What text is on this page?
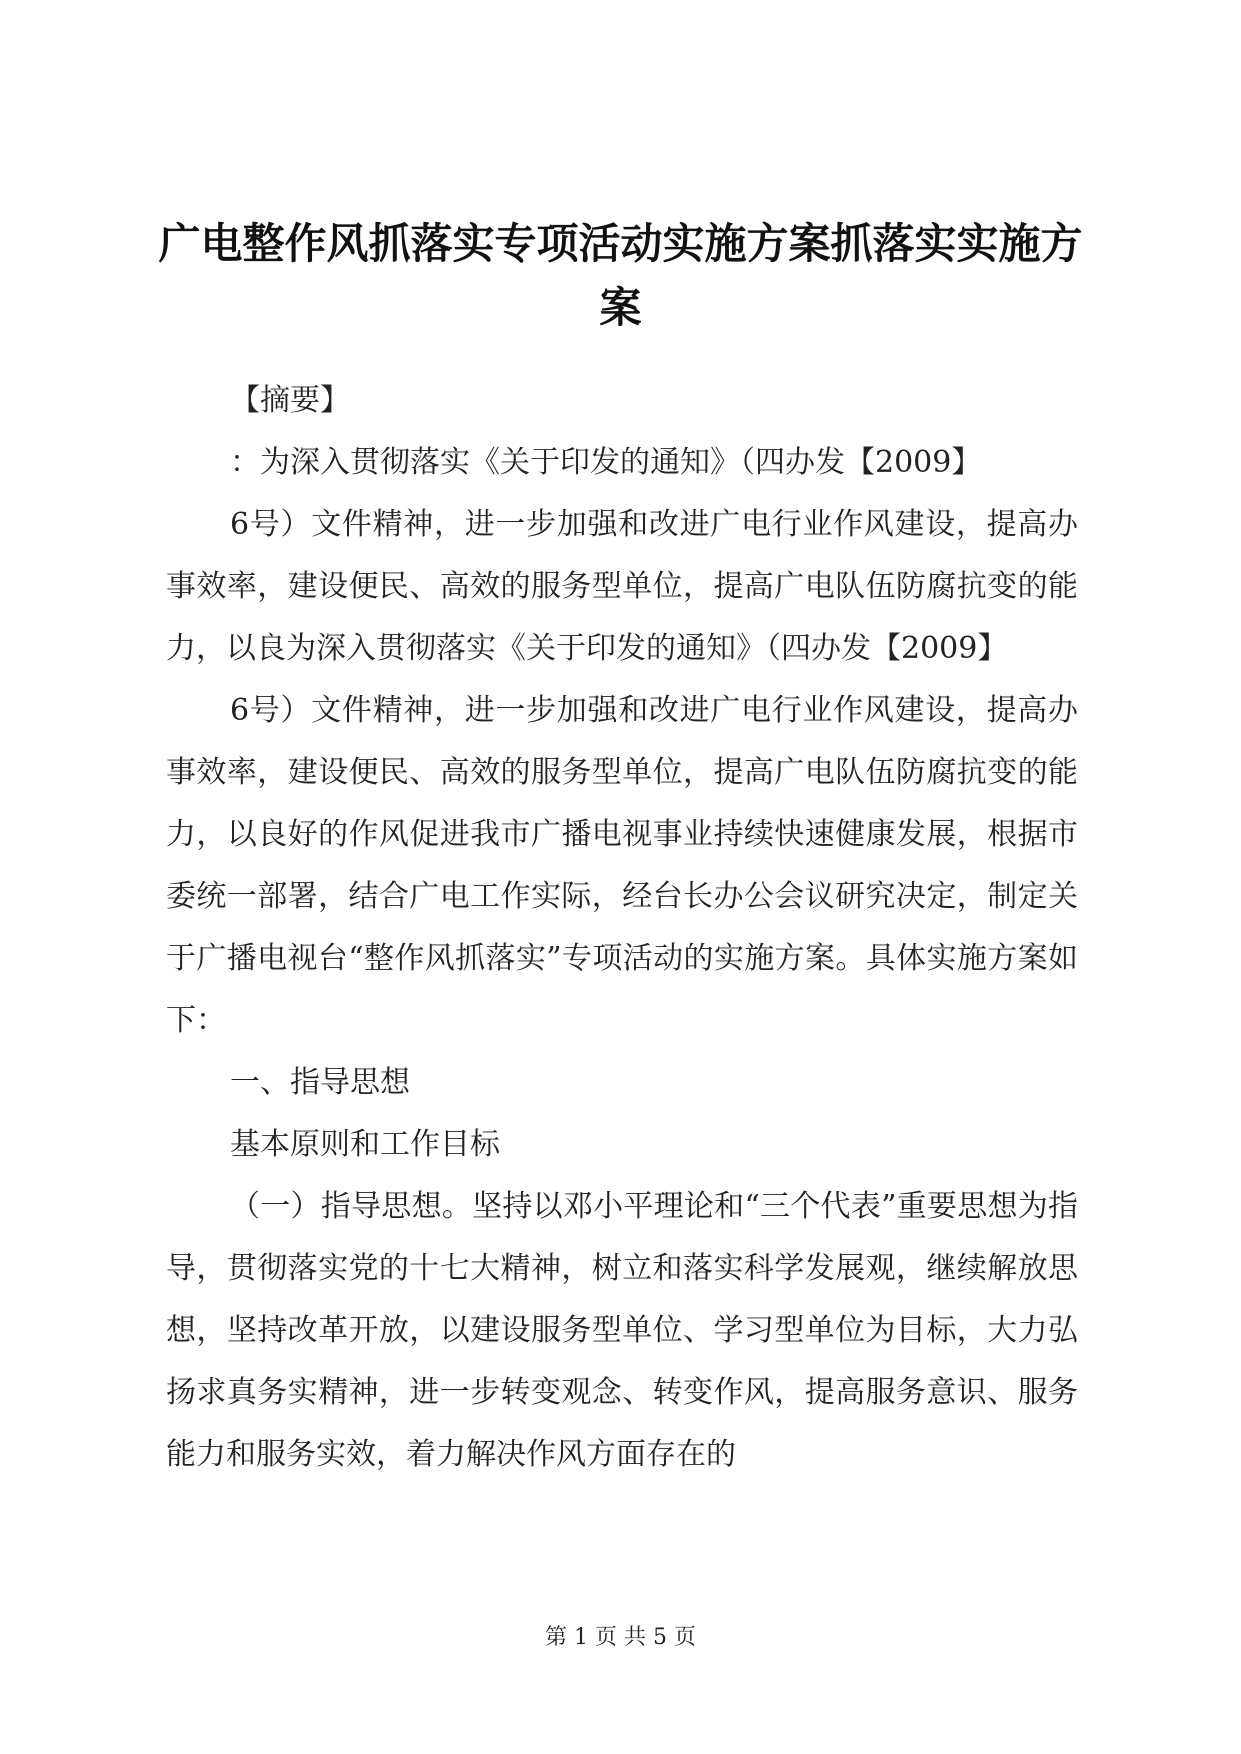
广电整作风抓落实专项活动实施方案抓落实实施方案

【摘要】

：为深入贯彻落实《关于印发的通知》（四办发【2009】

6号）文件精神，进一步加强和改进广电行业作风建设，提高办事效率，建设便民、高效的服务型单位，提高广电队伍防腐抗变的能力，以良为深入贯彻落实《关于印发的通知》（四办发【2009】

6号）文件精神，进一步加强和改进广电行业作风建设，提高办事效率，建设便民、高效的服务型单位，提高广电队伍防腐抗变的能力，以良好的作风促进我市广播电视事业持续快速健康发展，根据市委统一部署，结合广电工作实际，经台长办公会议研究决定，制定关于广播电视台“整作风抓落实”专项活动的实施方案。具体实施方案如下：

一、指导思想

基本原则和工作目标

（一）指导思想。坚持以邓小平理论和“三个代表”重要思想为指导，贯彻落实党的十七大精神，树立和落实科学发展观，继续解放思想，坚持改革开放，以建设服务型单位、学习型单位为目标，大力弘扬求真务实精神，进一步转变观念、转变作风，提高服务意识、服务能力和服务实效，着力解决作风方面存在的

第 1 页 共 5 页
